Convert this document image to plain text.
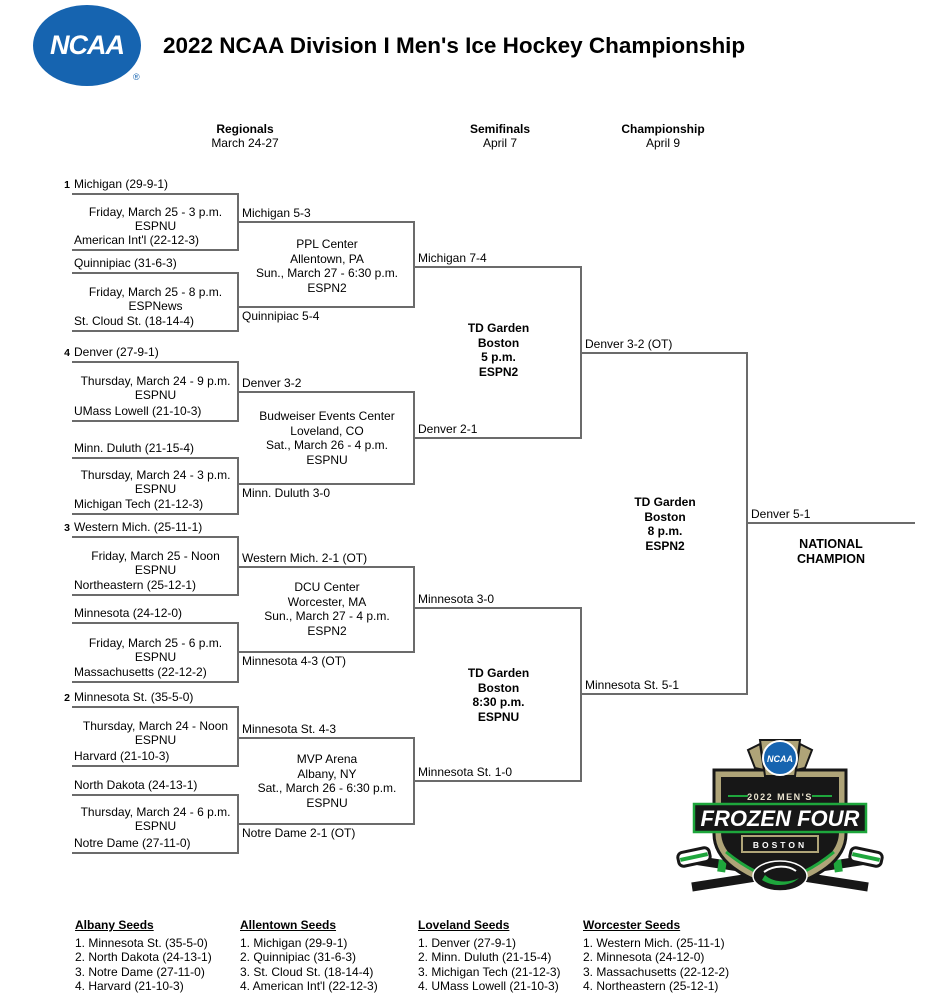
NCAA
®
2022 NCAA Division I Men's Ice Hockey Championship
Regionals
March 24-27
Semifinals
April 7
Championship
April 9
1 Michigan (29-9-1)
Friday, March 25 - 3 p.m.
ESPNU
American Int'l (22-12-3)
Michigan 5-3
Quinnipiac (31-6-3)
Friday, March 25 - 8 p.m.
ESPNews
St. Cloud St. (18-14-4)	Quinnipiac 5-4
PPL Center
Allentown, PA
Sun., March 27 - 6:30 p.m.
ESPN2
Michigan 7-4
4 Denver (27-9-1)
Thursday, March 24 - 9 p.m.
ESPNU
UMass Lowell (21-10-3)
Denver 3-2
Minn. Duluth (21-15-4)
Thursday, March 24 - 3 p.m.
ESPNU
Michigan Tech (21-12-3)
Minn. Duluth 3-0
Budweiser Events Center
Loveland, CO
Sat., March 26 - 4 p.m.
ESPNU
Denver 2-1
TD Garden
Boston
5 p.m.
ESPN2
Denver 3-2 (OT)
3 Western Mich. (25-11-1)
Friday, March 25 - Noon
ESPNU
Northeastern (25-12-1)
Western Mich. 2-1 (OT)
Minnesota (24-12-0)
Friday, March 25 - 6 p.m.
ESPNU
Massachusetts (22-12-2)
Minnesota 4-3 (OT)
DCU Center
Worcester, MA
Sun., March 27 - 4 p.m.
ESPN2
Minnesota 3-0
2 Minnesota St. (35-5-0)
Thursday, March 24 - Noon
ESPNU
Harvard (21-10-3)
Minnesota St. 4-3
North Dakota (24-13-1)
Thursday, March 24 - 6 p.m.
ESPNU
Notre Dame (27-11-0)
Notre Dame 2-1 (OT)
MVP Arena
Albany, NY
Sat., March 26 - 6:30 p.m.
ESPNU
Minnesota St. 1-0
TD Garden
Boston
8:30 p.m.
ESPNU
Minnesota St. 5-1
TD Garden
Boston
8 p.m.
ESPN2
Denver 5-1
NATIONAL
CHAMPION
NCAA
2022 MEN'S
FROZEN FOUR
BOSTON
Albany Seeds
1. Minnesota St. (35-5-0)
2. North Dakota (24-13-1)
3. Notre Dame (27-11-0)
4. Harvard (21-10-3)
Allentown Seeds
1. Michigan (29-9-1)
2. Quinnipiac (31-6-3)
3. St. Cloud St. (18-14-4)
4. American Int'l (22-12-3)
Loveland Seeds
1. Denver (27-9-1)
2. Minn. Duluth (21-15-4)
3. Michigan Tech (21-12-3)
4. UMass Lowell (21-10-3)
Worcester Seeds
1. Western Mich. (25-11-1)
2. Minnesota (24-12-0)
3. Massachusetts (22-12-2)
4. Northeastern (25-12-1)
